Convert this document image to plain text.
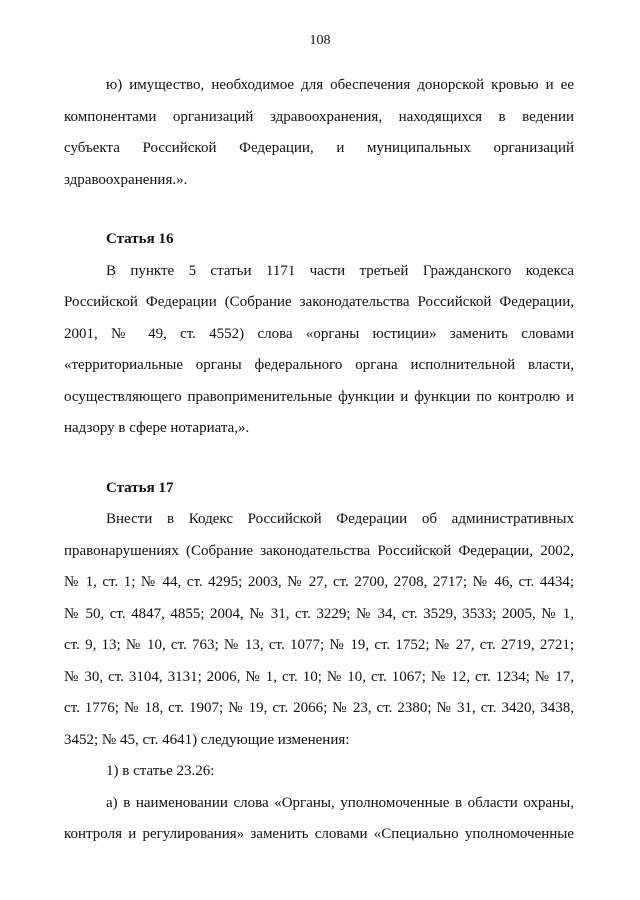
108
ю) имущество, необходимое для обеспечения донорской кровью и ее
компонентами организаций здравоохранения, находящихся в ведении
субъекта Российской Федерации, и муниципальных организаций
здравоохранения.».
Статья 16
В пункте 5 статьи 1171 части третьей Гражданского кодекса
Российской Федерации (Собрание законодательства Российской Федерации,
2001, № 49, ст. 4552) слова «органы юстиции» заменить словами
«территориальные органы федерального органа исполнительной власти,
осуществляющего правоприменительные функции и функции по контролю и
надзору в сфере нотариата,».
Статья 17
Внести в Кодекс Российской Федерации об административных
правонарушениях (Собрание законодательства Российской Федерации, 2002,
№ 1, ст. 1; № 44, ст. 4295; 2003, № 27, ст. 2700, 2708, 2717; № 46, ст. 4434;
№ 50, ст. 4847, 4855; 2004, № 31, ст. 3229; № 34, ст. 3529, 3533; 2005, № 1,
ст. 9, 13; № 10, ст. 763; № 13, ст. 1077; № 19, ст. 1752; № 27, ст. 2719, 2721;
№ 30, ст. 3104, 3131; 2006, № 1, ст. 10; № 10, ст. 1067; № 12, ст. 1234; № 17,
ст. 1776; № 18, ст. 1907; № 19, ст. 2066; № 23, ст. 2380; № 31, ст. 3420, 3438,
3452; № 45, ст. 4641) следующие изменения:
1) в статье 23.26:
а) в наименовании слова «Органы, уполномоченные в области охраны,
контроля и регулирования» заменить словами «Специально уполномоченные
